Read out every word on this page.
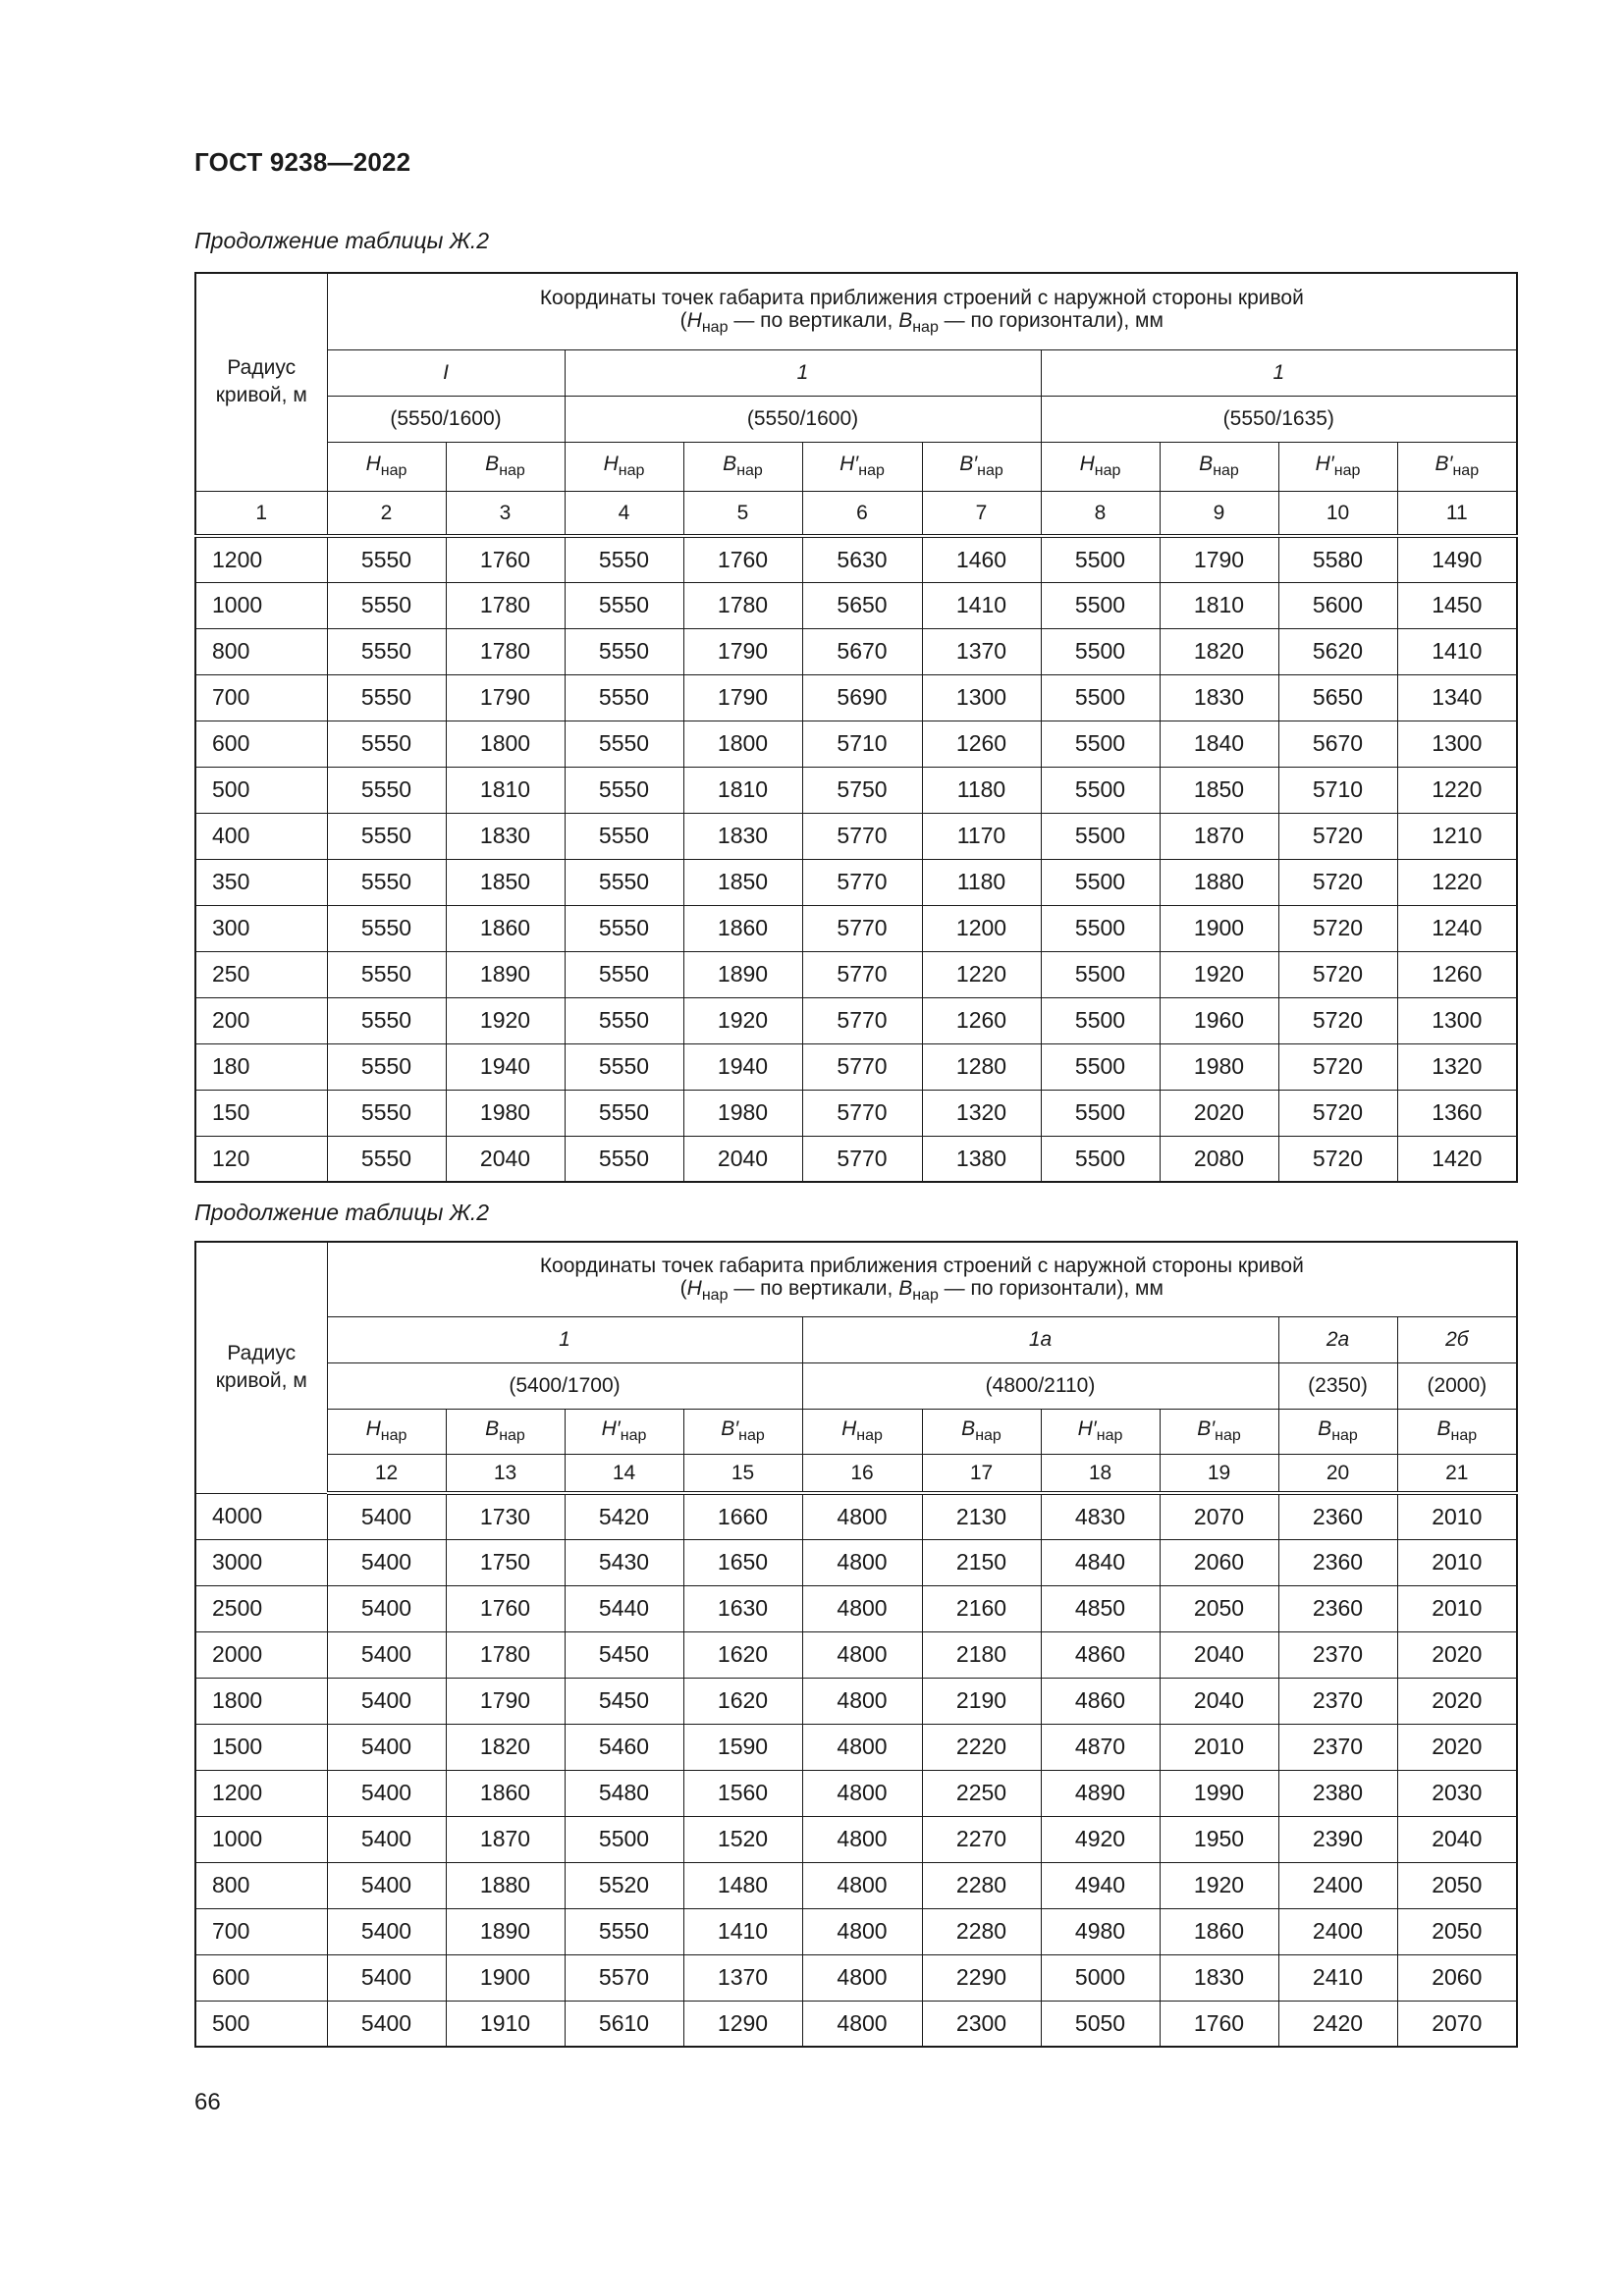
ГОСТ 9238—2022
Продолжение таблицы Ж.2
Радиус
кривой, м	Координаты точек габарита приближения строений с наружной стороны кривой
($H_{нар}$ — по вертикали, $B_{нар}$ — по горизонтали), мм									
	I		1				1			
	(5550/1600)		(5550/1600)				(5550/1635)			
	$H_{нар}$	$B_{нар}$	$H_{нар}$	$B_{нар}$	$H'_{нар}$	$B'_{нар}$	$H_{нар}$	$B_{нар}$	$H'_{нар}$	$B'_{нар}$
1	2	3	4	5	6	7	8	9	10	11
1200	5550	1760	5550	1760	5630	1460	5500	1790	5580	1490
1000	5550	1780	5550	1780	5650	1410	5500	1810	5600	1450
800	5550	1780	5550	1790	5670	1370	5500	1820	5620	1410
700	5550	1790	5550	1790	5690	1300	5500	1830	5650	1340
600	5550	1800	5550	1800	5710	1260	5500	1840	5670	1300
500	5550	1810	5550	1810	5750	1180	5500	1850	5710	1220
400	5550	1830	5550	1830	5770	1170	5500	1870	5720	1210
350	5550	1850	5550	1850	5770	1180	5500	1880	5720	1220
300	5550	1860	5550	1860	5770	1200	5500	1900	5720	1240
250	5550	1890	5550	1890	5770	1220	5500	1920	5720	1260
200	5550	1920	5550	1920	5770	1260	5500	1960	5720	1300
180	5550	1940	5550	1940	5770	1280	5500	1980	5720	1320
150	5550	1980	5550	1980	5770	1320	5500	2020	5720	1360
120	5550	2040	5550	2040	5770	1380	5500	2080	5720	1420
Продолжение таблицы Ж.2
Радиус
кривой, м	Координаты точек габарита приближения строений с наружной стороны кривой
($H_{нар}$ — по вертикали, $B_{нар}$ — по горизонтали), мм									
	1				1а				2а	2б
	(5400/1700)				(4800/2110)				(2350)	(2000)
	$H_{нар}$	$B_{нар}$	$H'_{нар}$	$B'_{нар}$	$H_{нар}$	$B_{нар}$	$H'_{нар}$	$B'_{нар}$	$B_{нар}$	$B_{нар}$
	12	13	14	15	16	17	18	19	20	21
4000	5400	1730	5420	1660	4800	2130	4830	2070	2360	2010
3000	5400	1750	5430	1650	4800	2150	4840	2060	2360	2010
2500	5400	1760	5440	1630	4800	2160	4850	2050	2360	2010
2000	5400	1780	5450	1620	4800	2180	4860	2040	2370	2020
1800	5400	1790	5450	1620	4800	2190	4860	2040	2370	2020
1500	5400	1820	5460	1590	4800	2220	4870	2010	2370	2020
1200	5400	1860	5480	1560	4800	2250	4890	1990	2380	2030
1000	5400	1870	5500	1520	4800	2270	4920	1950	2390	2040
800	5400	1880	5520	1480	4800	2280	4940	1920	2400	2050
700	5400	1890	5550	1410	4800	2280	4980	1860	2400	2050
600	5400	1900	5570	1370	4800	2290	5000	1830	2410	2060
500	5400	1910	5610	1290	4800	2300	5050	1760	2420	2070
66
